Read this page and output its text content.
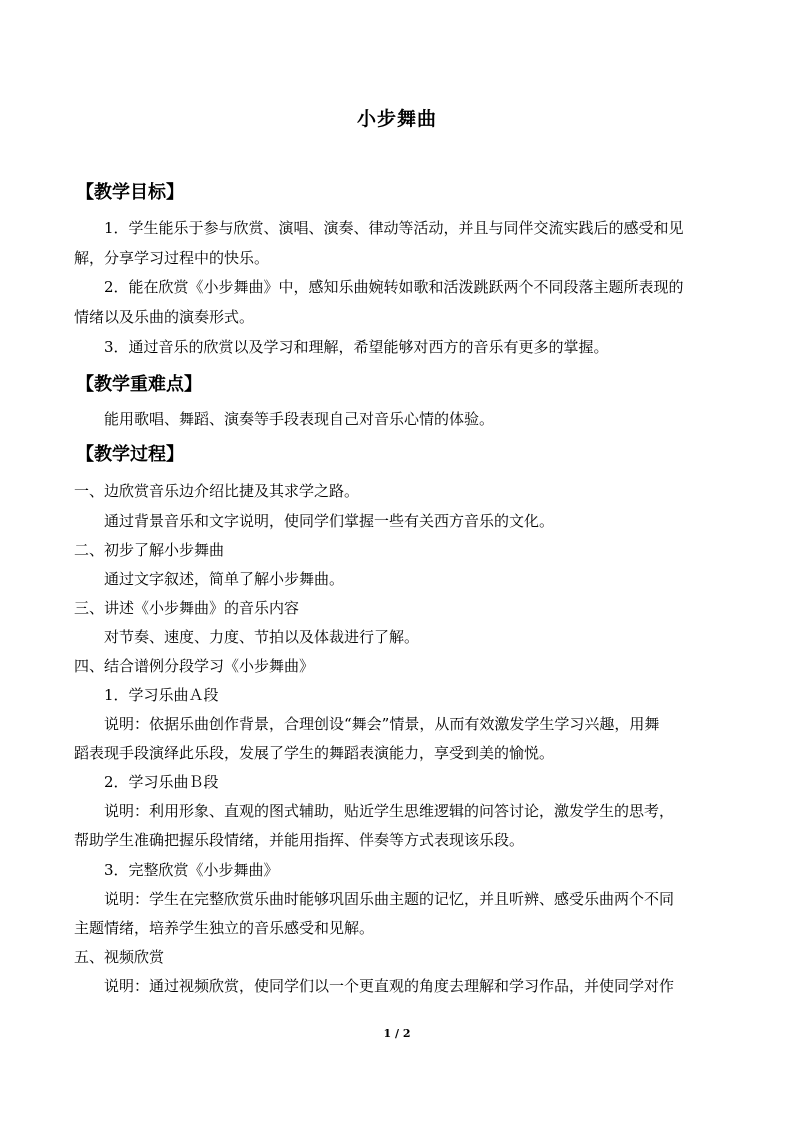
小步舞曲
【教学目标】
1．学生能乐于参与欣赏、演唱、演奏、律动等活动，并且与同伴交流实践后的感受和见
解，分享学习过程中的快乐。
2．能在欣赏《小步舞曲》中，感知乐曲婉转如歌和活泼跳跃两个不同段落主题所表现的
情绪以及乐曲的演奏形式。
3．通过音乐的欣赏以及学习和理解，希望能够对西方的音乐有更多的掌握。
【教学重难点】
能用歌唱、舞蹈、演奏等手段表现自己对音乐心情的体验。
【教学过程】
一、边欣赏音乐边介绍比捷及其求学之路。
通过背景音乐和文字说明，使同学们掌握一些有关西方音乐的文化。
二、初步了解小步舞曲
通过文字叙述，简单了解小步舞曲。
三、讲述《小步舞曲》的音乐内容
对节奏、速度、力度、节拍以及体裁进行了解。
四、结合谱例分段学习《小步舞曲》
1．学习乐曲Ａ段
说明：依据乐曲创作背景，合理创设“舞会”情景，从而有效激发学生学习兴趣，用舞
蹈表现手段演绎此乐段，发展了学生的舞蹈表演能力，享受到美的愉悦。
2．学习乐曲Ｂ段
说明：利用形象、直观的图式辅助，贴近学生思维逻辑的问答讨论，激发学生的思考，
帮助学生准确把握乐段情绪，并能用指挥、伴奏等方式表现该乐段。
3．完整欣赏《小步舞曲》
说明：学生在完整欣赏乐曲时能够巩固乐曲主题的记忆，并且听辨、感受乐曲两个不同
主题情绪，培养学生独立的音乐感受和见解。
五、视频欣赏
说明：通过视频欣赏，使同学们以一个更直观的角度去理解和学习作品，并使同学对作
1 / 2
